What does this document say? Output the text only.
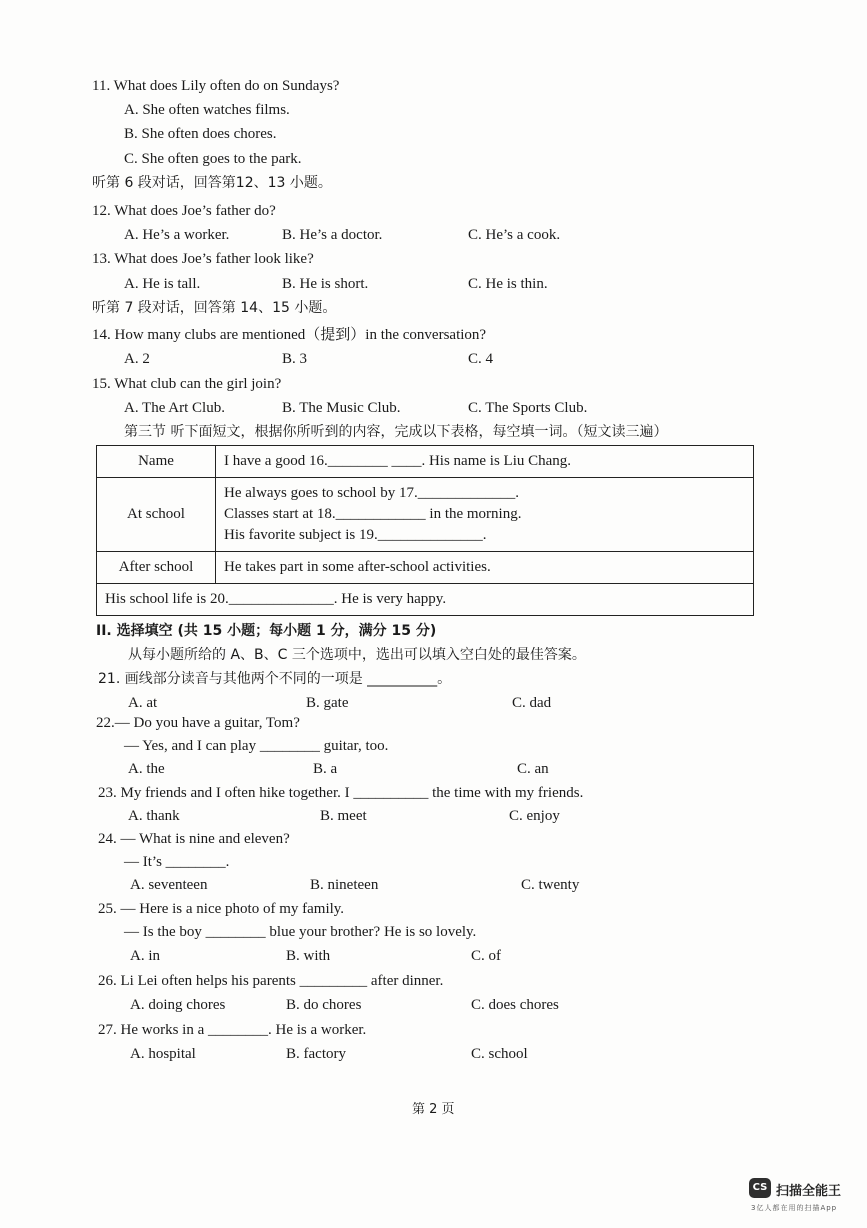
11. What does Lily often do on Sundays?
A. She often watches films.
B. She often does chores.
C. She often goes to the park.
听第 6 段对话，回答第12、13 小题。
12. What does Joe’s father do?
A. He’s a worker.	B. He’s a doctor.	C. He’s a cook.
13. What does Joe’s father look like?
A. He is tall.	B. He is short.	C. He is thin.
听第 7 段对话，回答第 14、15 小题。
14. How many clubs are mentioned（提到）in the conversation?
A. 2	B. 3	C. 4
15. What club can the girl join?
A. The Art Club.	B. The Music Club.	C. The Sports Club.
第三节 听下面短文，根据你所听到的内容，完成以下表格，每空填一词。（短文读三遍）
Name	I have a good 16.________ ____. His name is Liu Chang.
At school	He always goes to school by 17._____________.
Classes start at 18.____________ in the morning.
His favorite subject is 19.______________.

After school	He takes part in some after-school activities.
His school life is 20.______________. He is very happy.	
II. 选择填空 (共 15 小题；每小题 1 分，满分 15 分)
从每小题所给的 A、B、C 三个选项中，选出可以填入空白处的最佳答案。
21. 画线部分读音与其他两个不同的一项是 __________。
A. at	B. gate	C. dad
22.— Do you have a guitar, Tom?
— Yes, and I can play ________ guitar, too.
A. the	B. a	C. an
23. My friends and I often hike together. I __________ the time with my friends.
A. thank	B. meet	C. enjoy
24. — What is nine and eleven?
— It’s ________.
A. seventeen	B. nineteen	C. twenty
25. — Here is a nice photo of my family.
— Is the boy ________ blue your brother? He is so lovely.
A. in	B. with	C. of
26. Li Lei often helps his parents _________ after dinner.
A. doing chores	B. do chores	C. does chores
27. He works in a ________. He is a worker.
A. hospital	B. factory	C. school
第 2 页
CS 扫描全能王
3亿人都在用的扫描App
